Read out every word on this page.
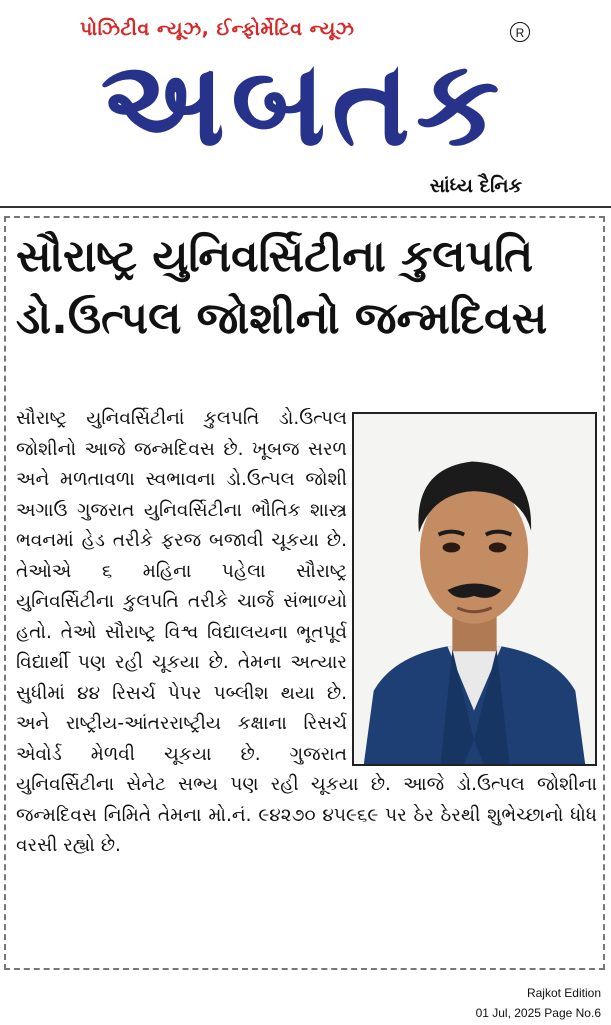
પોઝિટીવ ન્યૂઝ, ઈન્ફોર્મેટિવ ન્યૂઝ	R
અબતક
સાંધ્ય દૈનિક
સૌરાષ્ટ્ર યુનિવર્સિટીના કુલપતિ
ડો.ઉત્પલ જોશીનો જન્મદિવસ

સૌરાષ્ટ્ર યુનિવર્સિટીનાં કુલપતિ ડો.ઉત્પલ જોશીનો આજે જન્મદિવસ છે. ખૂબજ સરળ અને મળતાવળા સ્વભાવના ડો.ઉત્પલ જોશી અગાઉ ગુજરાત યુનિવર્સિટીના ભૌતિક શાસ્ત્ર ભવનમાં હેડ તરીકે ફરજ બજાવી ચૂકયા છે. તેઓએ ૬ મહિના પહેલા સૌરાષ્ટ્ર યુનિવર્સિટીના કુલપતિ તરીકે ચાર્જ સંભાળ્યો હતો. તેઓ સૌરાષ્ટ્ર વિશ્વ વિદ્યાલયના ભૂતપૂર્વ વિદ્યાર્થી પણ રહી ચૂકયા છે. તેમના અત્યાર સુધીમાં ૪૪ રિસર્ચ પેપર પબ્લીશ થયા છે. અને રાષ્ટ્રીય-આંતરરાષ્ટ્રીય કક્ષાના રિસર્ચ એવોર્ડ મેળવી ચૂકયા છે. ગુજરાત યુનિવર્સિટીના સેનેટ સભ્ય પણ રહી ચૂકયા છે. આજે ડો.ઉત્પલ જોશીના જન્મદિવસ નિમિતે તેમના મો.નં. ૯૪૨૭૦ ૪૫૯૬૯ પર ઠેર ઠેરથી શુભેચ્છાનો ધોધ વરસી રહ્યો છે.

Rajkot Edition
01 Jul, 2025 Page No.6
